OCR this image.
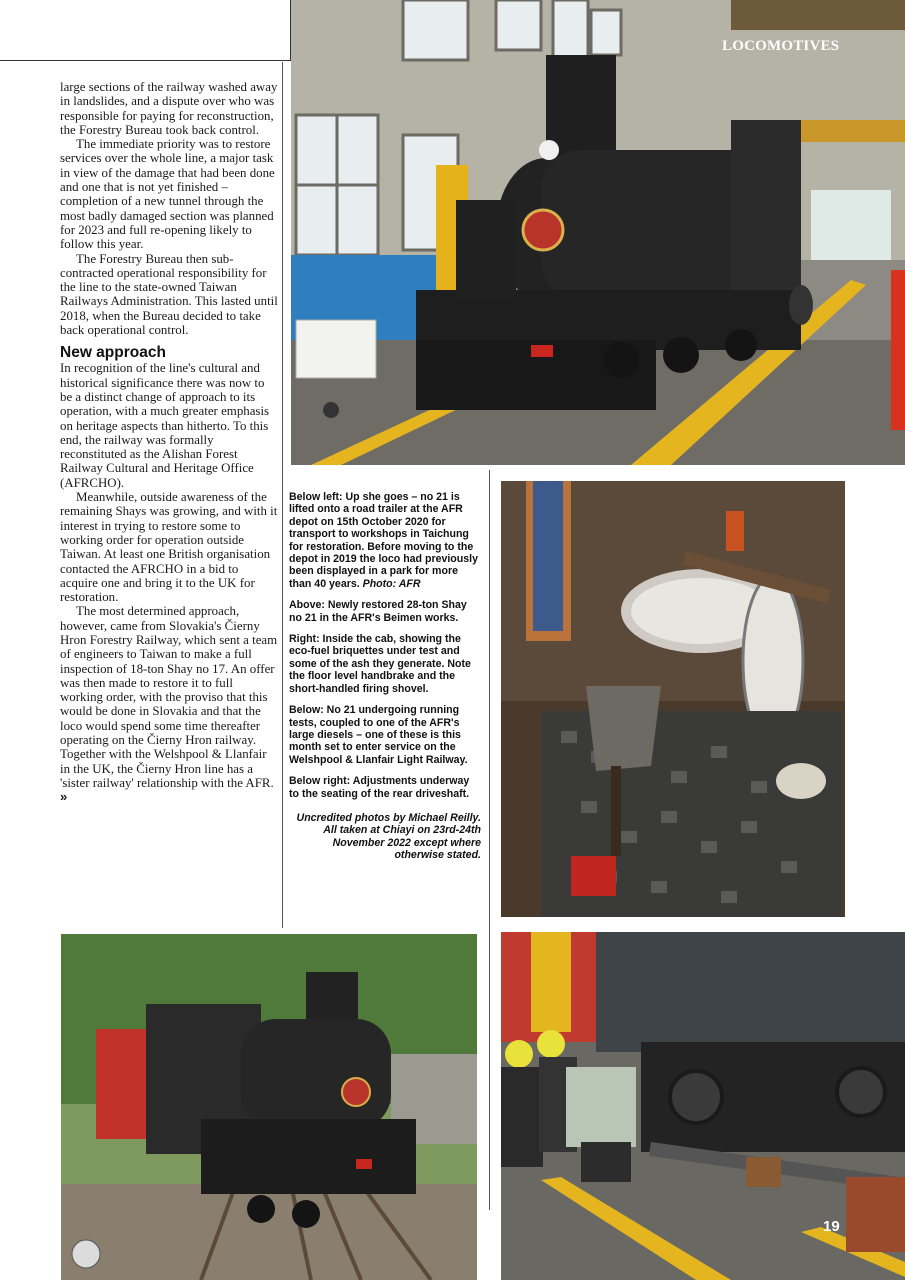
LOCOMOTIVES

large sections of the railway washed away in landslides, and a dispute over who was responsible for paying for reconstruction, the Forestry Bureau took back control.

The immediate priority was to restore services over the whole line, a major task in view of the damage that had been done and one that is not yet finished – completion of a new tunnel through the most badly damaged section was planned for 2023 and full re-opening likely to follow this year.

The Forestry Bureau then sub-contracted operational responsibility for the line to the state-owned Taiwan Railways Administration. This lasted until 2018, when the Bureau decided to take back operational control.

New approach

In recognition of the line's cultural and historical significance there was now to be a distinct change of approach to its operation, with a much greater emphasis on heritage aspects than hitherto. To this end, the railway was formally reconstituted as the Alishan Forest Railway Cultural and Heritage Office (AFRCHO).

Meanwhile, outside awareness of the remaining Shays was growing, and with it interest in trying to restore some to working order for operation outside Taiwan. At least one British organisation contacted the AFRCHO in a bid to acquire one and bring it to the UK for restoration.

The most determined approach, however, came from Slovakia's Čierny Hron Forestry Railway, which sent a team of engineers to Taiwan to make a full inspection of 18-ton Shay no 17. An offer was then made to restore it to full working order, with the proviso that this would be done in Slovakia and that the loco would spend some time thereafter operating on the Čierny Hron railway. Together with the Welshpool & Llanfair in the UK, the Čierny Hron line has a 'sister railway' relationship with the AFR. »

Below left: Up she goes – no 21 is lifted onto a road trailer at the AFR depot on 15th October 2020 for transport to workshops in Taichung for restoration. Before moving to the depot in 2019 the loco had previously been displayed in a park for more than 40 years. Photo: AFR

Above: Newly restored 28-ton Shay no 21 in the AFR's Beimen works.

Right: Inside the cab, showing the eco-fuel briquettes under test and some of the ash they generate. Note the floor level handbrake and the short-handled firing shovel.

Below: No 21 undergoing running tests, coupled to one of the AFR's large diesels – one of these is this month set to enter service on the Welshpool & Llanfair Light Railway.

Below right: Adjustments underway to the seating of the rear driveshaft.

Uncredited photos by Michael Reilly. All taken at Chiayi on 23rd-24th November 2022 except where otherwise stated.

19
